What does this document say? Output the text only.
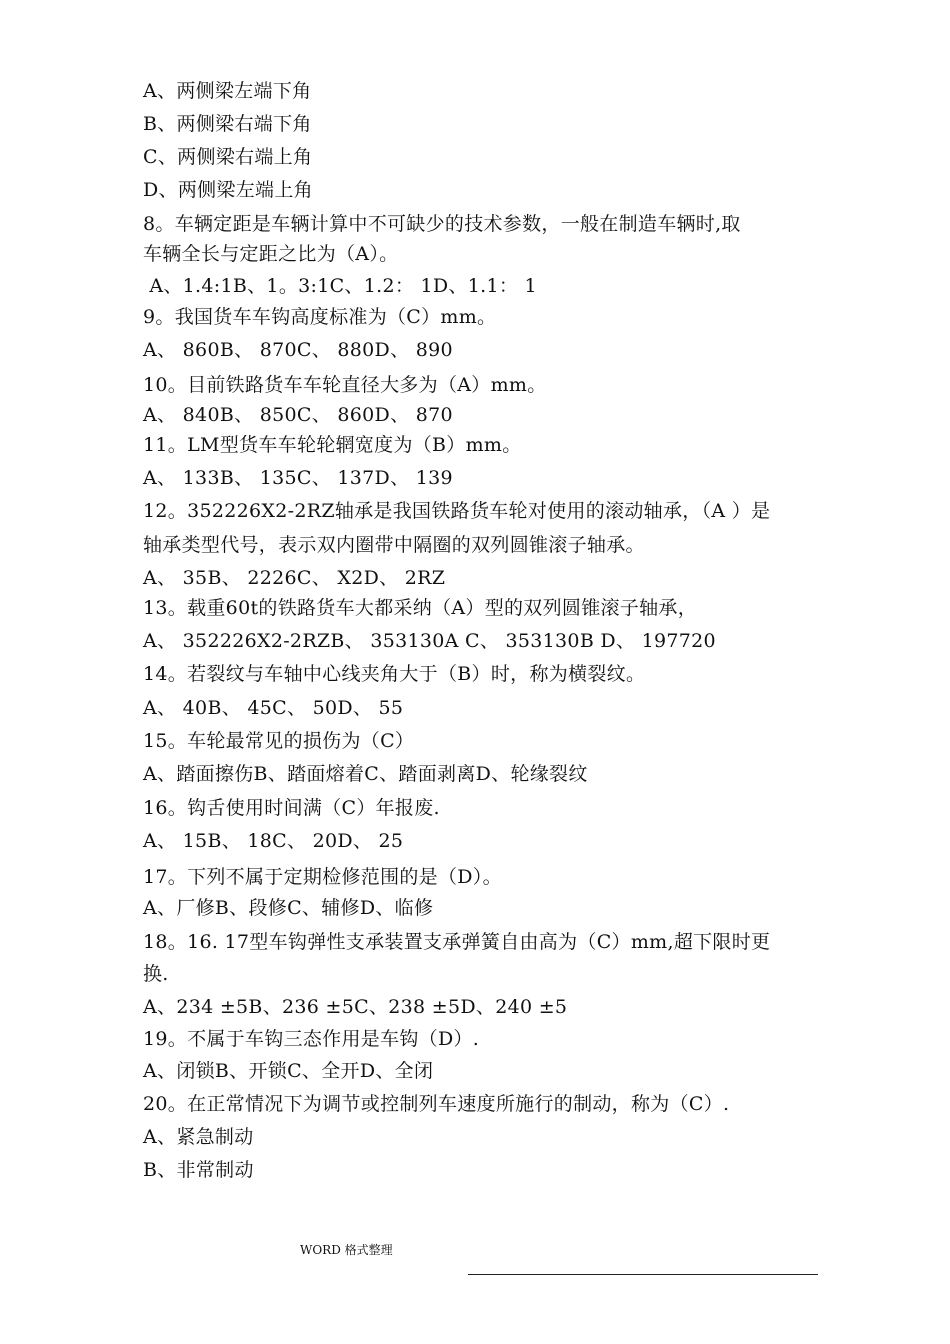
A、两侧梁左端下角
B、两侧梁右端下角
C、两侧梁右端上角
D、两侧梁左端上角
8。车辆定距是车辆计算中不可缺少的技术参数，一般在制造车辆时,取
车辆全长与定距之比为（A）。
A、1.4:1B、1。3:1C、1.2： 1D、1.1： 1
9。我国货车车钩高度标准为（C）mm。
A、 860B、 870C、 880D、 890
10。目前铁路货车车轮直径大多为（A）mm。
A、 840B、 850C、 860D、 870
11。LM型货车车轮轮辋宽度为（B）mm。
A、 133B、 135C、 137D、 139
12。352226X2-2RZ轴承是我国铁路货车轮对使用的滚动轴承，（A ）是
轴承类型代号，表示双内圈带中隔圈的双列圆锥滚子轴承。
A、 35B、 2226C、 X2D、 2RZ
13。载重60t的铁路货车大都采纳（A）型的双列圆锥滚子轴承，
A、 352226X2-2RZB、 353130A C、 353130B D、 197720
14。若裂纹与车轴中心线夹角大于（B）时，称为横裂纹。
A、 40B、 45C、 50D、 55
15。车轮最常见的损伤为（C）
A、踏面擦伤B、踏面熔着C、踏面剥离D、轮缘裂纹
16。钩舌使用时间满（C）年报废.
A、 15B、 18C、 20D、 25
17。下列不属于定期检修范围的是（D）。
A、厂修B、段修C、辅修D、临修
18。16. 17型车钩弹性支承装置支承弹簧自由高为（C）mm,超下限时更
换.
A、234 ±5B、236 ±5C、238 ±5D、240 ±5
19。不属于车钩三态作用是车钩（D）.
A、闭锁B、开锁C、全开D、全闭
20。在正常情况下为调节或控制列车速度所施行的制动，称为（C）.
A、紧急制动
B、非常制动
WORD 格式整理
